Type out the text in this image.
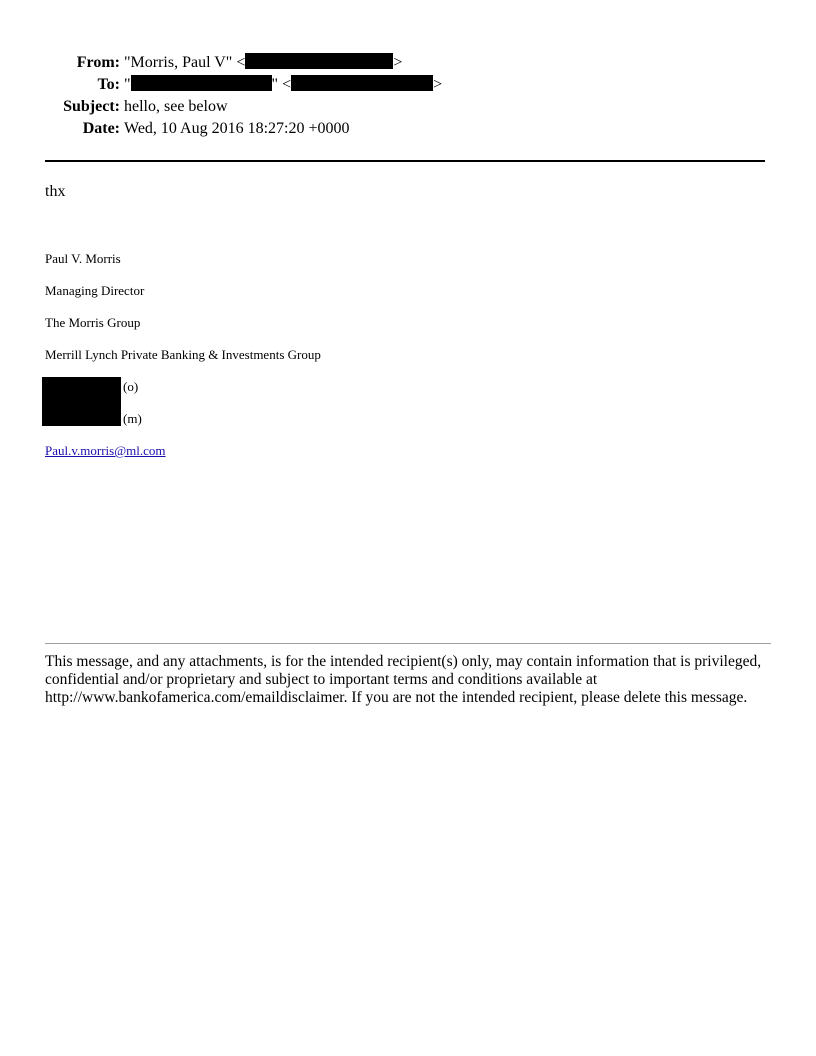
From: "Morris, Paul V" <	>
To: "	" <	>
Subject: hello, see below
Date: Wed, 10 Aug 2016 18:27:20 +0000
thx
Paul V. Morris
Managing Director
The Morris Group
Merrill Lynch Private Banking & Investments Group
(o)
(m)
Paul.v.morris@ml.com
This message, and any attachments, is for the intended recipient(s) only, may contain information that is privileged, confidential and/or proprietary and subject to important terms and conditions available at http://www.bankofamerica.com/emaildisclaimer. If you are not the intended recipient, please delete this message.
